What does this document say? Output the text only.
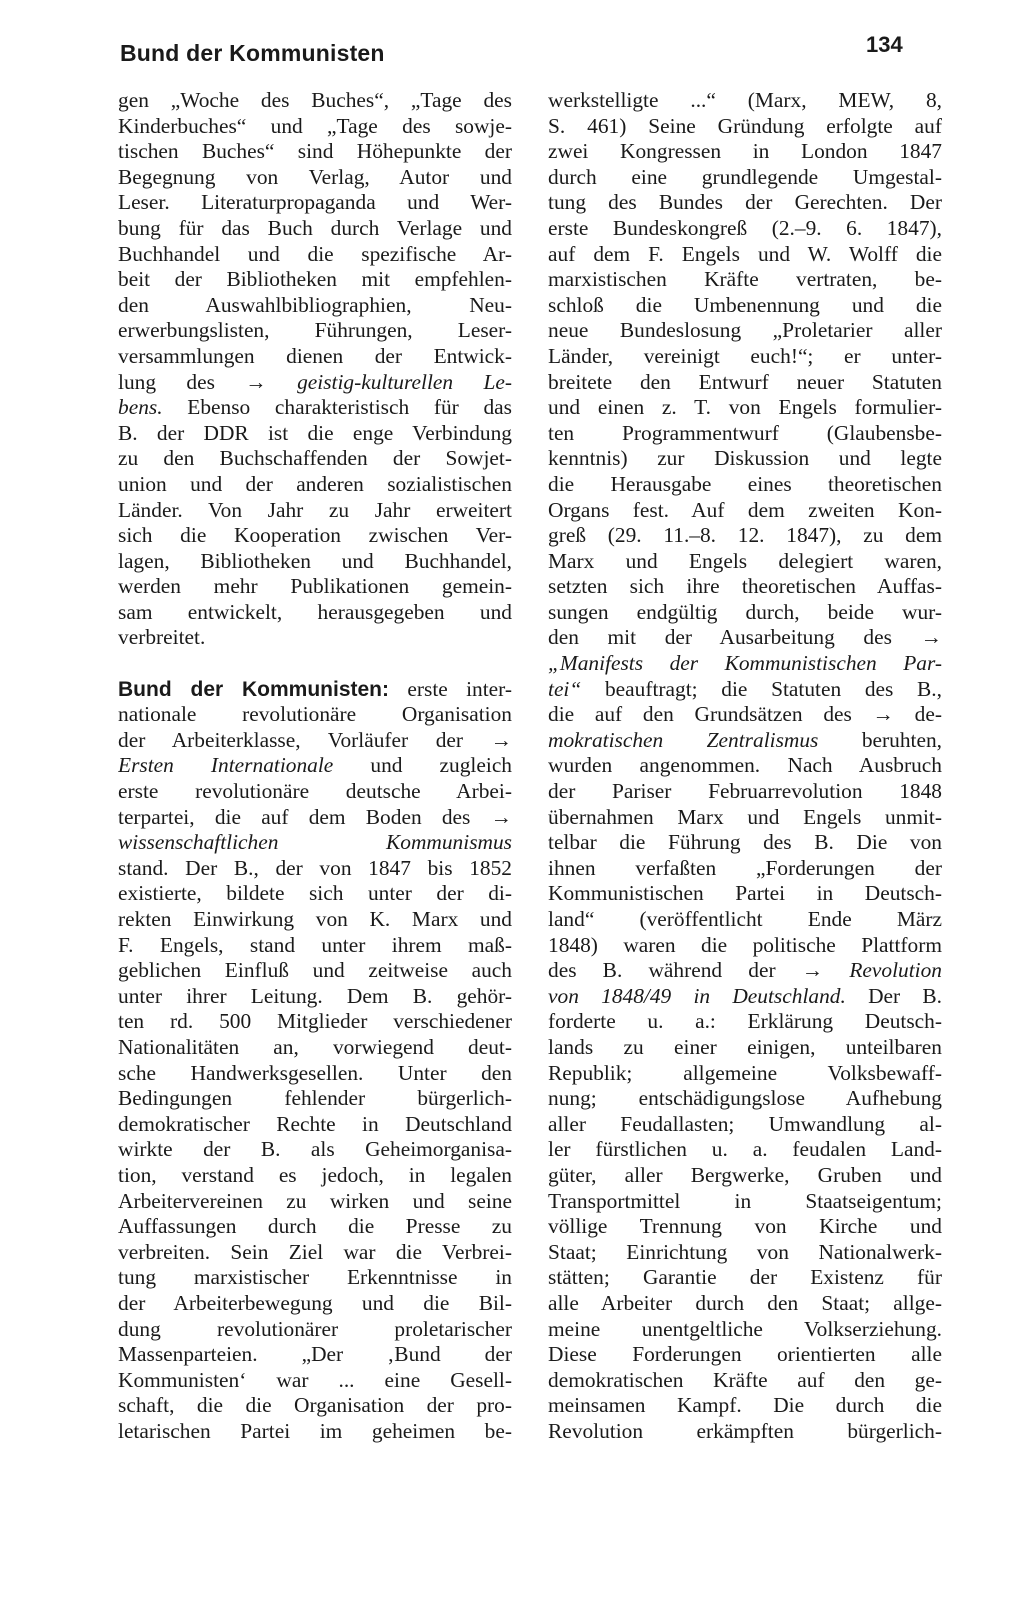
Bund der Kommunisten	134
gen „Woche des Buches“, „Tage des
Kinderbuches“ und „Tage des sowje-
tischen Buches“ sind Höhepunkte der
Begegnung von Verlag, Autor und
Leser. Literaturpropaganda und Wer-
bung für das Buch durch Verlage und
Buchhandel und die spezifische Ar-
beit der Bibliotheken mit empfehlen-
den Auswahlbibliographien, Neu-
erwerbungslisten, Führungen, Leser-
versammlungen dienen der Entwick-
lung des → geistig-kulturellen Le-
bens. Ebenso charakteristisch für das
B. der DDR ist die enge Verbindung
zu den Buchschaffenden der Sowjet-
union und der anderen sozialistischen
Länder. Von Jahr zu Jahr erweitert
sich die Kooperation zwischen Ver-
lagen, Bibliotheken und Buchhandel,
werden mehr Publikationen gemein-
sam entwickelt, herausgegeben und
verbreitet.
Bund der Kommunisten: erste inter-
nationale revolutionäre Organisation
der Arbeiterklasse, Vorläufer der →
Ersten Internationale und zugleich
erste revolutionäre deutsche Arbei-
terpartei, die auf dem Boden des →
wissenschaftlichen Kommunismus
stand. Der B., der von 1847 bis 1852
existierte, bildete sich unter der di-
rekten Einwirkung von K. Marx und
F. Engels, stand unter ihrem maß-
geblichen Einfluß und zeitweise auch
unter ihrer Leitung. Dem B. gehör-
ten rd. 500 Mitglieder verschiedener
Nationalitäten an, vorwiegend deut-
sche Handwerksgesellen. Unter den
Bedingungen fehlender bürgerlich-
demokratischer Rechte in Deutschland
wirkte der B. als Geheimorganisa-
tion, verstand es jedoch, in legalen
Arbeitervereinen zu wirken und seine
Auffassungen durch die Presse zu
verbreiten. Sein Ziel war die Verbrei-
tung marxistischer Erkenntnisse in
der Arbeiterbewegung und die Bil-
dung revolutionärer proletarischer
Massenparteien. „Der ‚Bund der
Kommunisten‘ war ... eine Gesell-
schaft, die die Organisation der pro-
letarischen Partei im geheimen be-
werkstelligte ...“ (Marx, MEW, 8,
S. 461) Seine Gründung erfolgte auf
zwei Kongressen in London 1847
durch eine grundlegende Umgestal-
tung des Bundes der Gerechten. Der
erste Bundeskongreß (2.–9. 6. 1847),
auf dem F. Engels und W. Wolff die
marxistischen Kräfte vertraten, be-
schloß die Umbenennung und die
neue Bundeslosung „Proletarier aller
Länder, vereinigt euch!“; er unter-
breitete den Entwurf neuer Statuten
und einen z. T. von Engels formulier-
ten Programmentwurf (Glaubensbe-
kenntnis) zur Diskussion und legte
die Herausgabe eines theoretischen
Organs fest. Auf dem zweiten Kon-
greß (29. 11.–8. 12. 1847), zu dem
Marx und Engels delegiert waren,
setzten sich ihre theoretischen Auffas-
sungen endgültig durch, beide wur-
den mit der Ausarbeitung des →
„Manifests der Kommunistischen Par-
tei“ beauftragt; die Statuten des B.,
die auf den Grundsätzen des → de-
mokratischen Zentralismus beruhten,
wurden angenommen. Nach Ausbruch
der Pariser Februarrevolution 1848
übernahmen Marx und Engels unmit-
telbar die Führung des B. Die von
ihnen verfaßten „Forderungen der
Kommunistischen Partei in Deutsch-
land“ (veröffentlicht Ende März
1848) waren die politische Plattform
des B. während der → Revolution
von 1848/49 in Deutschland. Der B.
forderte u. a.: Erklärung Deutsch-
lands zu einer einigen, unteilbaren
Republik; allgemeine Volksbewaff-
nung; entschädigungslose Aufhebung
aller Feudallasten; Umwandlung al-
ler fürstlichen u. a. feudalen Land-
güter, aller Bergwerke, Gruben und
Transportmittel in Staatseigentum;
völlige Trennung von Kirche und
Staat; Einrichtung von Nationalwerk-
stätten; Garantie der Existenz für
alle Arbeiter durch den Staat; allge-
meine unentgeltliche Volkserziehung.
Diese Forderungen orientierten alle
demokratischen Kräfte auf den ge-
meinsamen Kampf. Die durch die
Revolution erkämpften bürgerlich-
